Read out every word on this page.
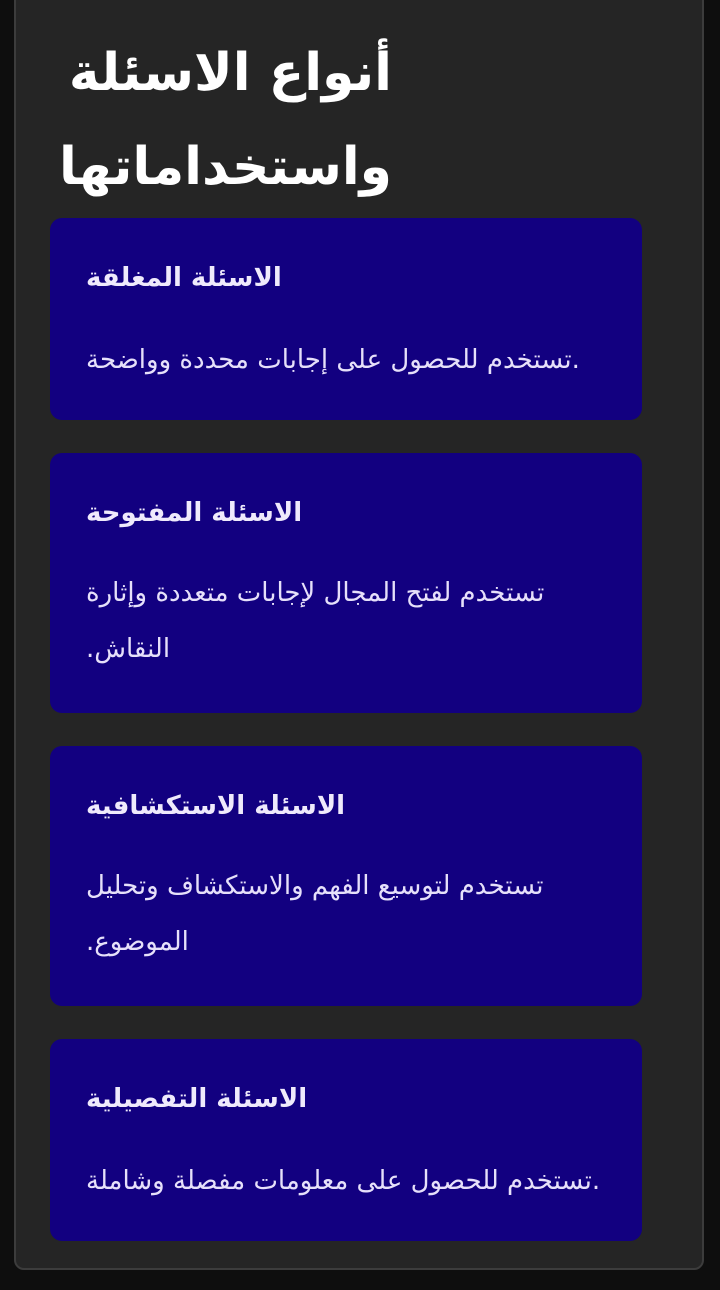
أنواع الاسئلة واستخداماتها
الاسئلة المغلقة

.تستخدم للحصول على إجابات محددة وواضحة

الاسئلة المفتوحة

تستخدم لفتح المجال لإجابات متعددة وإثارة النقاش.

الاسئلة الاستكشافية

تستخدم لتوسيع الفهم والاستكشاف وتحليل الموضوع.

الاسئلة التفصيلية

.تستخدم للحصول على معلومات مفصلة وشاملة
